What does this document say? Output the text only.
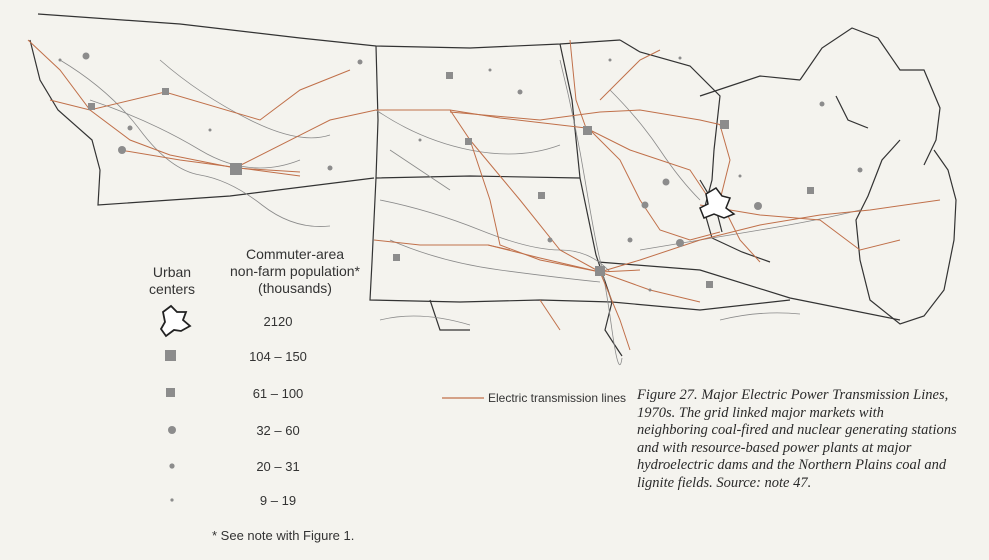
Urban
centers
Commuter-area
non-farm population*
(thousands)
2120
104 – 150
61 – 100
32 – 60
20 – 31
9 – 19
* See note with Figure 1.
Electric transmission lines Figure 27. Major Electric Power Transmission Lines, 1970s. The grid linked major markets with neighboring coal-fired and nuclear generating stations and with resource-based power plants at major hydroelectric dams and the Northern Plains coal and lignite fields. Source: note 47.
